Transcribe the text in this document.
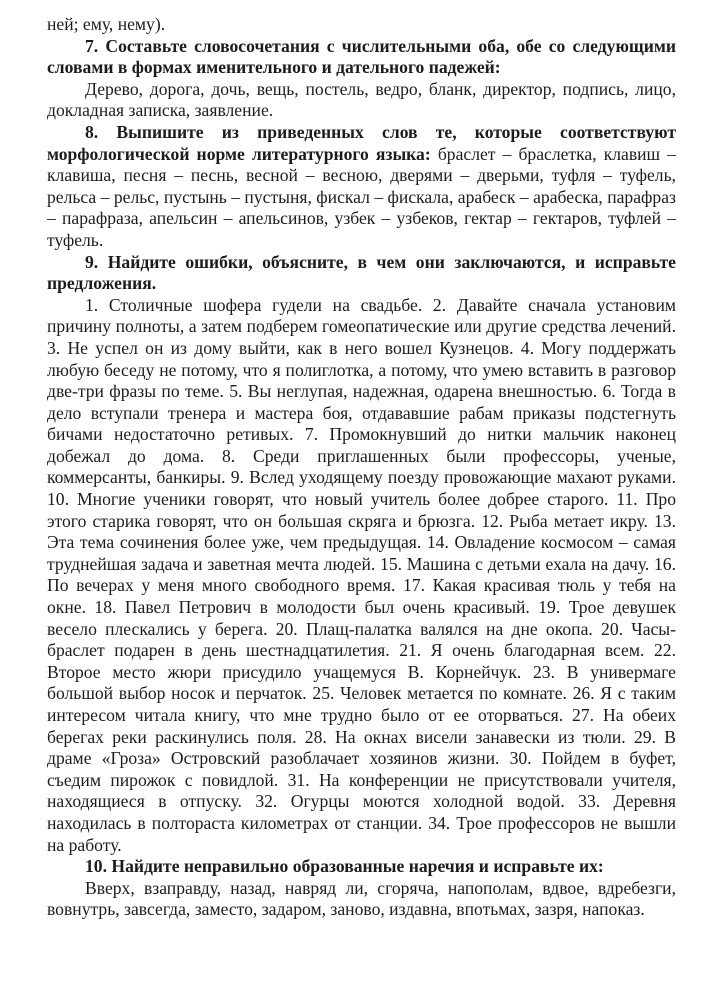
ней; ему, нему).

7. Составьте словосочетания с числительными оба, обе со следующими словами в формах именительного и дательного падежей:

Дерево, дорога, дочь, вещь, постель, ведро, бланк, директор, подпись, лицо, докладная записка, заявление.

8. Выпишите из приведенных слов те, которые соответствуют морфологической норме литературного языка: браслет – браслетка, клавиш – клавиша, песня – песнь, весной – весною, дверями – дверьми, туфля – туфель, рельса – рельс, пустынь – пустыня, фискал – фискала, арабеск – арабеска, парафраз – парафраза, апельсин – апельсинов, узбек – узбеков, гектар – гектаров, туфлей – туфель.

9. Найдите ошибки, объясните, в чем они заключаются, и исправьте предложения.

1. Столичные шофера гудели на свадьбе. 2. Давайте сначала установим причину полноты, а затем подберем гомеопатические или другие средства лечений. 3. Не успел он из дому выйти, как в него вошел Кузнецов. 4. Могу поддержать любую беседу не потому, что я полиглотка, а потому, что умею вставить в разговор две-три фразы по теме. 5. Вы неглупая, надежная, одарена внешностью. 6. Тогда в дело вступали тренера и мастера боя, отдававшие рабам приказы подстегнуть бичами недостаточно ретивых. 7. Промокнувший до нитки мальчик наконец добежал до дома. 8. Среди приглашенных были профессоры, ученые, коммерсанты, банкиры. 9. Вслед уходящему поезду провожающие махают руками. 10. Многие ученики говорят, что новый учитель более добрее старого. 11. Про этого старика говорят, что он большая скряга и брюзга. 12. Рыба метает икру. 13. Эта тема сочинения более уже, чем предыдущая. 14. Овладение космосом – самая труднейшая задача и заветная мечта людей. 15. Машина с детьми ехала на дачу. 16. По вечерах у меня много свободного время. 17. Какая красивая тюль у тебя на окне. 18. Павел Петрович в молодости был очень красивый. 19. Трое девушек весело плескались у берега. 20. Плащ-палатка валялся на дне окопа. 20. Часы-браслет подарен в день шестнадцатилетия. 21. Я очень благодарная всем. 22. Второе место жюри присудило учащемуся В. Корнейчук. 23. В универмаге большой выбор носок и перчаток. 25. Человек метается по комнате. 26. Я с таким интересом читала книгу, что мне трудно было от ее оторваться. 27. На обеих берегах реки раскинулись поля. 28. На окнах висели занавески из тюли. 29. В драме «Гроза» Островский разоблачает хозяинов жизни. 30. Пойдем в буфет, съедим пирожок с повидлой. 31. На конференции не присутствовали учителя, находящиеся в отпуску. 32. Огурцы моются холодной водой. 33. Деревня находилась в полтораста километрах от станции. 34. Трое профессоров не вышли на работу.

10. Найдите неправильно образованные наречия и исправьте их:

Вверх, взаправду, назад, навряд ли, сгоряча, напополам, вдвое, вдребезги, вовнутрь, завсегда, заместо, задаром, заново, издавна, впотьмах, зазря, напоказ.
